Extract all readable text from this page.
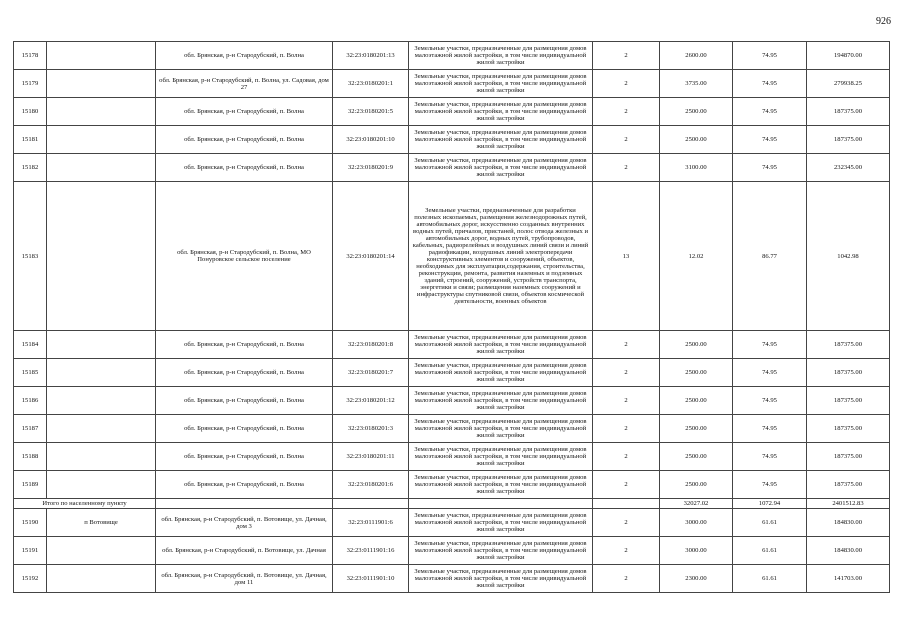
926
15178		обл. Брянская, р-н Стародубский, п. Волна	32:23:0180201:13	Земельные участки, предназначенные для размещения домов малоэтажной жилой застройки, в том числе индивидуальной жилой застройки	2	2600.00	74.95	194870.00
15179		обл. Брянская, р-н Стародубский, п. Волна, ул. Садовая, дом 27	32:23:0180201:1	Земельные участки, предназначенные для размещения домов малоэтажной жилой застройки, в том числе индивидуальной жилой застройки	2	3735.00	74.95	279938.25
15180		обл. Брянская, р-н Стародубский, п. Волна	32:23:0180201:5	Земельные участки, предназначенные для размещения домов малоэтажной жилой застройки, в том числе индивидуальной жилой застройки	2	2500.00	74.95	187375.00
15181		обл. Брянская, р-н Стародубский, п. Волна	32:23:0180201:10	Земельные участки, предназначенные для размещения домов малоэтажной жилой застройки, в том числе индивидуальной жилой застройки	2	2500.00	74.95	187375.00
15182		обл. Брянская, р-н Стародубский, п. Волна	32:23:0180201:9	Земельные участки, предназначенные для размещения домов малоэтажной жилой застройки, в том числе индивидуальной жилой застройки	2	3100.00	74.95	232345.00
15183		обл. Брянская, р-н Стародубский, п. Волна, МО Понуровское сельское поселение	32:23:0180201:14	Земельные участки, предназначенные для разработки полезных ископаемых, размещения железнодорожных путей, автомобильных дорог, искусственно созданных внутренних водных путей, причалов, пристаней, полос отвода железных и автомобильных дорог, водных путей, трубопроводов, кабельных, радиорелейных и воздушных линий связи и линий радиофикации, воздушных линий электропередачи конструктивных элементов и сооружений, объектов, необходимых для эксплуатации,содержания, строительства, реконструкции, ремонта, развития наземных и подземных зданий, строений, сооружений, устройств транспорта, энергетики и связи; размещения наземных сооружений и инфраструктуры спутниковой связи, объектов космической деятельности, военных объектов	13	12.02	86.77	1042.98
15184		обл. Брянская, р-н Стародубский, п. Волна	32:23:0180201:8	Земельные участки, предназначенные для размещения домов малоэтажной жилой застройки, в том числе индивидуальной жилой застройки	2	2500.00	74.95	187375.00
15185		обл. Брянская, р-н Стародубский, п. Волна	32:23:0180201:7	Земельные участки, предназначенные для размещения домов малоэтажной жилой застройки, в том числе индивидуальной жилой застройки	2	2500.00	74.95	187375.00
15186		обл. Брянская, р-н Стародубский, п. Волна	32:23:0180201:12	Земельные участки, предназначенные для размещения домов малоэтажной жилой застройки, в том числе индивидуальной жилой застройки	2	2500.00	74.95	187375.00
15187		обл. Брянская, р-н Стародубский, п. Волна	32:23:0180201:3	Земельные участки, предназначенные для размещения домов малоэтажной жилой застройки, в том числе индивидуальной жилой застройки	2	2500.00	74.95	187375.00
15188		обл. Брянская, р-н Стародубский, п. Волна	32:23:0180201:11	Земельные участки, предназначенные для размещения домов малоэтажной жилой застройки, в том числе индивидуальной жилой застройки	2	2500.00	74.95	187375.00
15189		обл. Брянская, р-н Стародубский, п. Волна	32:23:0180201:6	Земельные участки, предназначенные для размещения домов малоэтажной жилой застройки, в том числе индивидуальной жилой застройки	2	2500.00	74.95	187375.00
Итого по населенному пункту						32027.02	1072.94	2401512.83
15190	п Вотовище	обл. Брянская, р-н Стародубский, п. Вотовище, ул. Дачная, дом 3	32:23:0111901:6	Земельные участки, предназначенные для размещения домов малоэтажной жилой застройки, в том числе индивидуальной жилой застройки	2	3000.00	61.61	184830.00
15191		обл. Брянская, р-н Стародубский, п. Вотовище, ул. Дачная	32:23:0111901:16	Земельные участки, предназначенные для размещения домов малоэтажной жилой застройки, в том числе индивидуальной жилой застройки	2	3000.00	61.61	184830.00
15192		обл. Брянская, р-н Стародубский, п. Вотовище, ул. Дачная, дом 11	32:23:0111901:10	Земельные участки, предназначенные для размещения домов малоэтажной жилой застройки, в том числе индивидуальной жилой застройки	2	2300.00	61.61	141703.00
